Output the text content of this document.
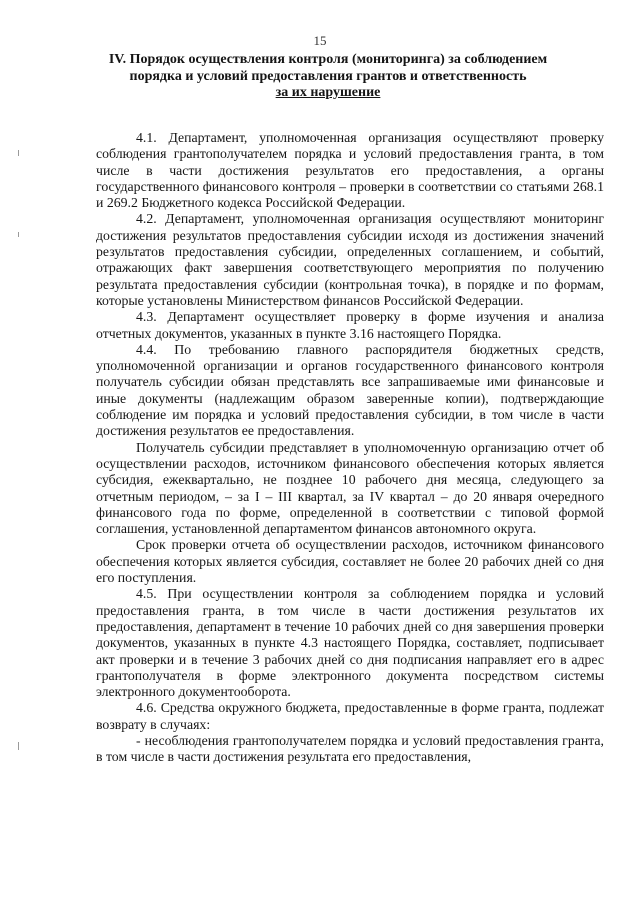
15
IV. Порядок осуществления контроля (мониторинга) за соблюдением
порядка и условий предоставления грантов и ответственность
за их нарушение

4.1. Департамент, уполномоченная организация осуществляют проверку соблюдения грантополучателем порядка и условий предоставления гранта, в том числе в части достижения результатов его предоставления, а органы государственного финансового контроля – проверки в соответствии со статьями 268.1 и 269.2 Бюджетного кодекса Российской Федерации.

4.2. Департамент, уполномоченная организация осуществляют мониторинг достижения результатов предоставления субсидии исходя из достижения значений результатов предоставления субсидии, определенных соглашением, и событий, отражающих факт завершения соответствующего мероприятия по получению результата предоставления субсидии (контрольная точка), в порядке и по формам, которые установлены Министерством финансов Российской Федерации.

4.3. Департамент осуществляет проверку в форме изучения и анализа отчетных документов, указанных в пункте 3.16 настоящего Порядка.

4.4. По требованию главного распорядителя бюджетных средств, уполномоченной организации и органов государственного финансового контроля получатель субсидии обязан представлять все запрашиваемые ими финансовые и иные документы (надлежащим образом заверенные копии), подтверждающие соблюдение им порядка и условий предоставления субсидии, в том числе в части достижения результатов ее предоставления.

Получатель субсидии представляет в уполномоченную организацию отчет об осуществлении расходов, источником финансового обеспечения которых является субсидия, ежеквартально, не позднее 10 рабочего дня месяца, следующего за отчетным периодом, – за I – III квартал, за IV квартал – до 20 января очередного финансового года по форме, определенной в соответствии с типовой формой соглашения, установленной департаментом финансов автономного округа.

Срок проверки отчета об осуществлении расходов, источником финансового обеспечения которых является субсидия, составляет не более 20 рабочих дней со дня его поступления.

4.5. При осуществлении контроля за соблюдением порядка и условий предоставления гранта, в том числе в части достижения результатов их предоставления, департамент в течение 10 рабочих дней со дня завершения проверки документов, указанных в пункте 4.3 настоящего Порядка, составляет, подписывает акт проверки и в течение 3 рабочих дней со дня подписания направляет его в адрес грантополучателя в форме электронного документа посредством системы электронного документооборота.

4.6. Средства окружного бюджета, предоставленные в форме гранта, подлежат возврату в случаях:

- несоблюдения грантополучателем порядка и условий предоставления гранта, в том числе в части достижения результата его предоставления,
